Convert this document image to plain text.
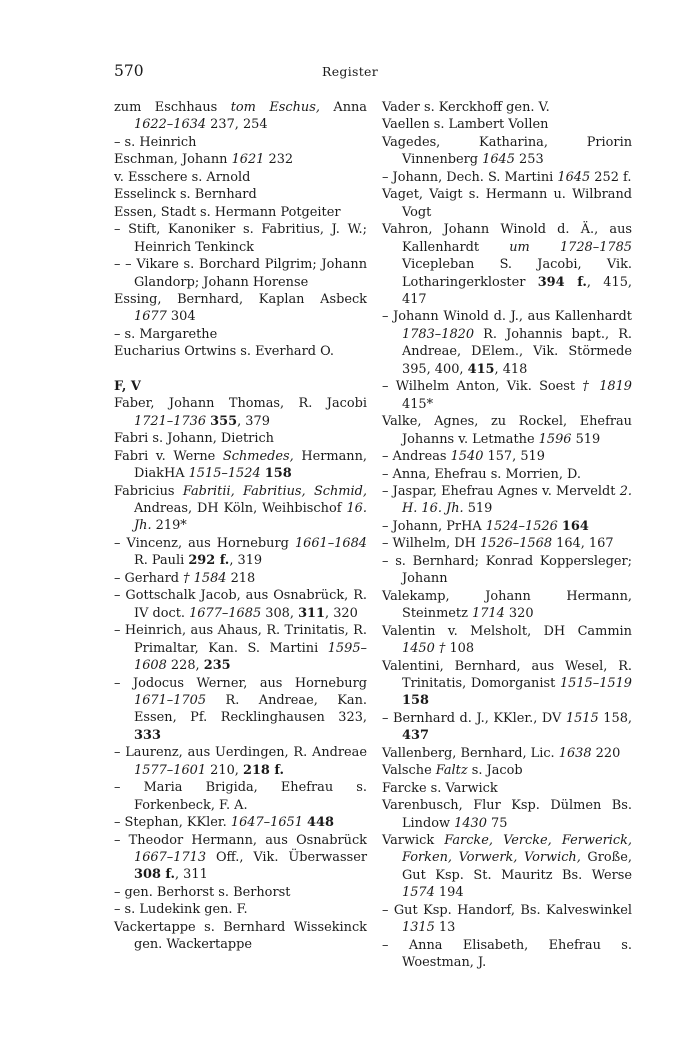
570	Register
zum Eschhaus tom Eschus, Anna 1622–1634 237, 254
– s. Heinrich
Eschman, Johann 1621 232
v. Esschere s. Arnold
Esselinck s. Bernhard
Essen, Stadt s. Hermann Potgeiter
– Stift, Kanoniker s. Fabritius, J. W.; Heinrich Tenkinck
– – Vikare s. Borchard Pilgrim; Johann Glandorp; Johann Horense
Essing, Bernhard, Kaplan Asbeck 1677 304
– s. Margarethe
Eucharius Ortwins s. Everhard O.
F, V
Faber, Johann Thomas, R. Jacobi 1721–1736 355, 379
Fabri s. Johann, Dietrich
Fabri v. Werne Schmedes, Hermann, DiakHA 1515–1524 158
Fabricius Fabritii, Fabritius, Schmid, Andreas, DH Köln, Weihbischof 16. Jh. 219*
– Vincenz, aus Horneburg 1661–1684 R. Pauli 292 f., 319
– Gerhard † 1584 218
– Gottschalk Jacob, aus Osnabrück, R. IV doct. 1677–1685 308, 311, 320
– Heinrich, aus Ahaus, R. Trinitatis, R. Primaltar, Kan. S. Martini 1595–1608 228, 235
– Jodocus Werner, aus Horneburg 1671–1705 R. Andreae, Kan. Essen, Pf. Recklinghausen 323, 333
– Laurenz, aus Uerdingen, R. Andreae 1577–1601 210, 218 f.
– Maria Brigida, Ehefrau s. Forkenbeck, F. A.
– Stephan, KKler. 1647–1651 448
– Theodor Hermann, aus Osnabrück 1667–1713 Off., Vik. Überwasser 308 f., 311
– gen. Berhorst s. Berhorst
– s. Ludekink gen. F.
Vackertappe s. Bernhard Wissekinck gen. Wackertappe
Vader s. Kerckhoff gen. V.
Vaellen s. Lambert Vollen
Vagedes, Katharina, Priorin Vinnenberg 1645 253
– Johann, Dech. S. Martini 1645 252 f.
Vaget, Vaigt s. Hermann u. Wilbrand Vogt
Vahron, Johann Winold d. Ä., aus Kallenhardt um 1728–1785 Vicepleban S. Jacobi, Vik. Lotharingerkloster 394 f., 415, 417
– Johann Winold d. J., aus Kallenhardt 1783–1820 R. Johannis bapt., R. Andreae, DElem., Vik. Störmede 395, 400, 415, 418
– Wilhelm Anton, Vik. Soest † 1819 415*
Valke, Agnes, zu Rockel, Ehefrau Johanns v. Letmathe 1596 519
– Andreas 1540 157, 519
– Anna, Ehefrau s. Morrien, D.
– Jaspar, Ehefrau Agnes v. Merveldt 2. H. 16. Jh. 519
– Johann, PrHA 1524–1526 164
– Wilhelm, DH 1526–1568 164, 167
– s. Bernhard; Konrad Koppersleger; Johann
Valekamp, Johann Hermann, Steinmetz 1714 320
Valentin v. Melsholt, DH Cammin 1450 † 108
Valentini, Bernhard, aus Wesel, R. Trinitatis, Domorganist 1515–1519 158
– Bernhard d. J., KKler., DV 1515 158, 437
Vallenberg, Bernhard, Lic. 1638 220
Valsche Faltz s. Jacob
Farcke s. Varwick
Varenbusch, Flur Ksp. Dülmen Bs. Lindow 1430 75
Varwick Farcke, Vercke, Ferwerick, Forken, Vorwerk, Vorwich, Große, Gut Ksp. St. Mauritz Bs. Werse 1574 194
– Gut Ksp. Handorf, Bs. Kalveswinkel 1315 13
– Anna Elisabeth, Ehefrau s. Woestman, J.
